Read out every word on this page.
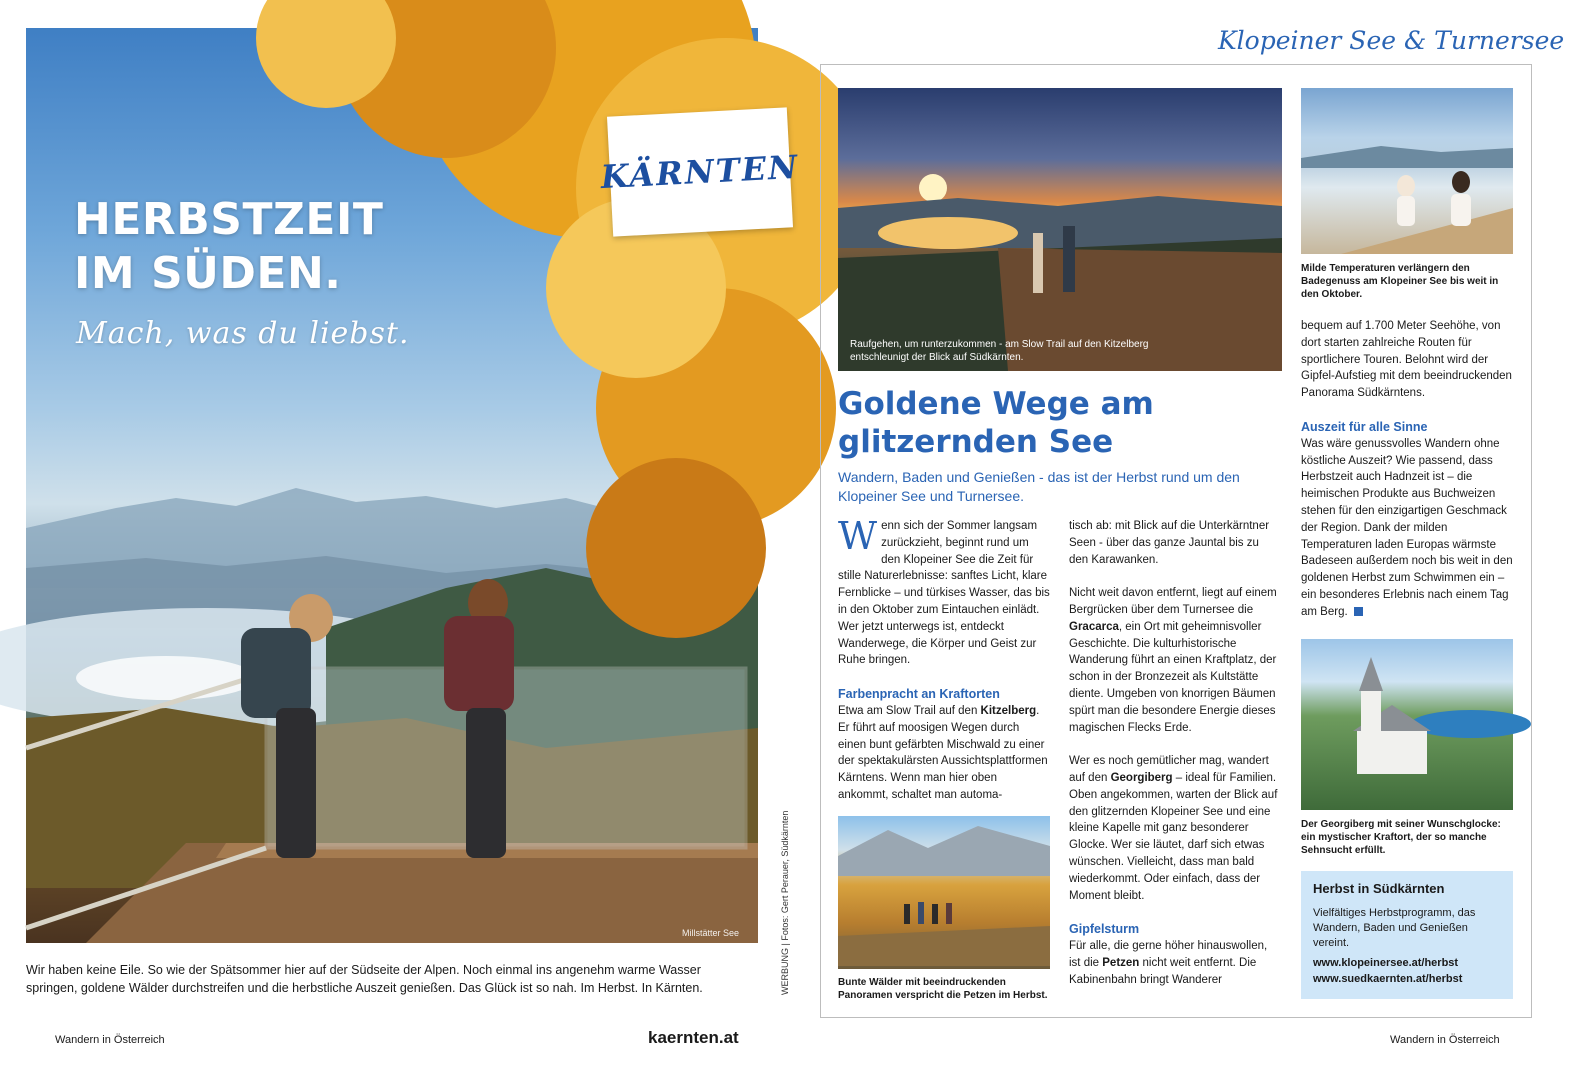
KÄRNTEN
HERBSTZEIT
IM SÜDEN.
Mach, was du liebst.
Millstätter See

Wir haben keine Eile. So wie der Spätsommer hier auf der Südseite der Alpen. Noch einmal ins angenehm warme Wasser springen, goldene Wälder durchstreifen und die herbstliche Auszeit genießen. Das Glück ist so nah. Im Herbst. In Kärnten.

Wandern in Österreich	kaernten.at
Klopeiner See & Turnersee
Raufgehen, um runterzukommen - am Slow Trail auf den Kitzelberg entschleunigt der Blick auf Südkärnten.
Milde Temperaturen verlängern den Badegenuss am Klopeiner See bis weit in den Oktober.
Der Georgiberg mit seiner Wunschglocke: ein mystischer Kraftort, der so manche Sehnsucht erfüllt.
Bunte Wälder mit beeindruckenden Panoramen verspricht die Petzen im Herbst.
WERBUNG | Fotos: Gert Perauer, Südkärnten
Goldene Wege am glitzernden See

Wandern, Baden und Genießen - das ist der Herbst rund um den Klopeiner See und Turnersee.

Wenn sich der Sommer langsam zurückzieht, beginnt rund um den Klopeiner See die Zeit für stille Naturerlebnisse: sanftes Licht, klare Fernblicke – und türkises Wasser, das bis in den Oktober zum Eintauchen einlädt. Wer jetzt unterwegs ist, entdeckt Wanderwege, die Körper und Geist zur Ruhe bringen.

Farbenpracht an Kraftorten

Etwa am Slow Trail auf den Kitzelberg. Er führt auf moosigen Wegen durch einen bunt gefärbten Mischwald zu einer der spektakulärsten Aussichtsplattformen Kärntens. Wenn man hier oben ankommt, schaltet man automa-

tisch ab: mit Blick auf die Unterkärntner Seen - über das ganze Jauntal bis zu den Karawanken.

Nicht weit davon entfernt, liegt auf einem Bergrücken über dem Turnersee die Gracarca, ein Ort mit geheimnisvoller Geschichte. Die kulturhistorische Wanderung führt an einen Kraftplatz, der schon in der Bronzezeit als Kultstätte diente. Umgeben von knorrigen Bäumen spürt man die besondere Energie dieses magischen Flecks Erde.

Wer es noch gemütlicher mag, wandert auf den Georgiberg – ideal für Familien. Oben angekommen, warten der Blick auf den glitzernden Klopeiner See und eine kleine Kapelle mit ganz besonderer Glocke. Wer sie läutet, darf sich etwas wünschen. Vielleicht, dass man bald wiederkommt. Oder einfach, dass der Moment bleibt.

Gipfelsturm

Für alle, die gerne höher hinauswollen, ist die Petzen nicht weit entfernt. Die Kabinenbahn bringt Wanderer

bequem auf 1.700 Meter Seehöhe, von dort starten zahlreiche Routen für sportlichere Touren. Belohnt wird der Gipfel-Aufstieg mit dem beeindruckenden Panorama Südkärntens.

Auszeit für alle Sinne

Was wäre genussvolles Wandern ohne köstliche Auszeit? Wie passend, dass Herbstzeit auch Hadnzeit ist – die heimischen Produkte aus Buchweizen stehen für den einzigartigen Geschmack der Region. Dank der milden Temperaturen laden Europas wärmste Badeseen außerdem noch bis weit in den goldenen Herbst zum Schwimmen ein – ein besonderes Erlebnis nach einem Tag am Berg.

Herbst in Südkärnten

Vielfältiges Herbstprogramm, das Wandern, Baden und Genießen vereint.

www.klopeinersee.at/herbst
www.suedkaernten.at/herbst
Wandern in Österreich
